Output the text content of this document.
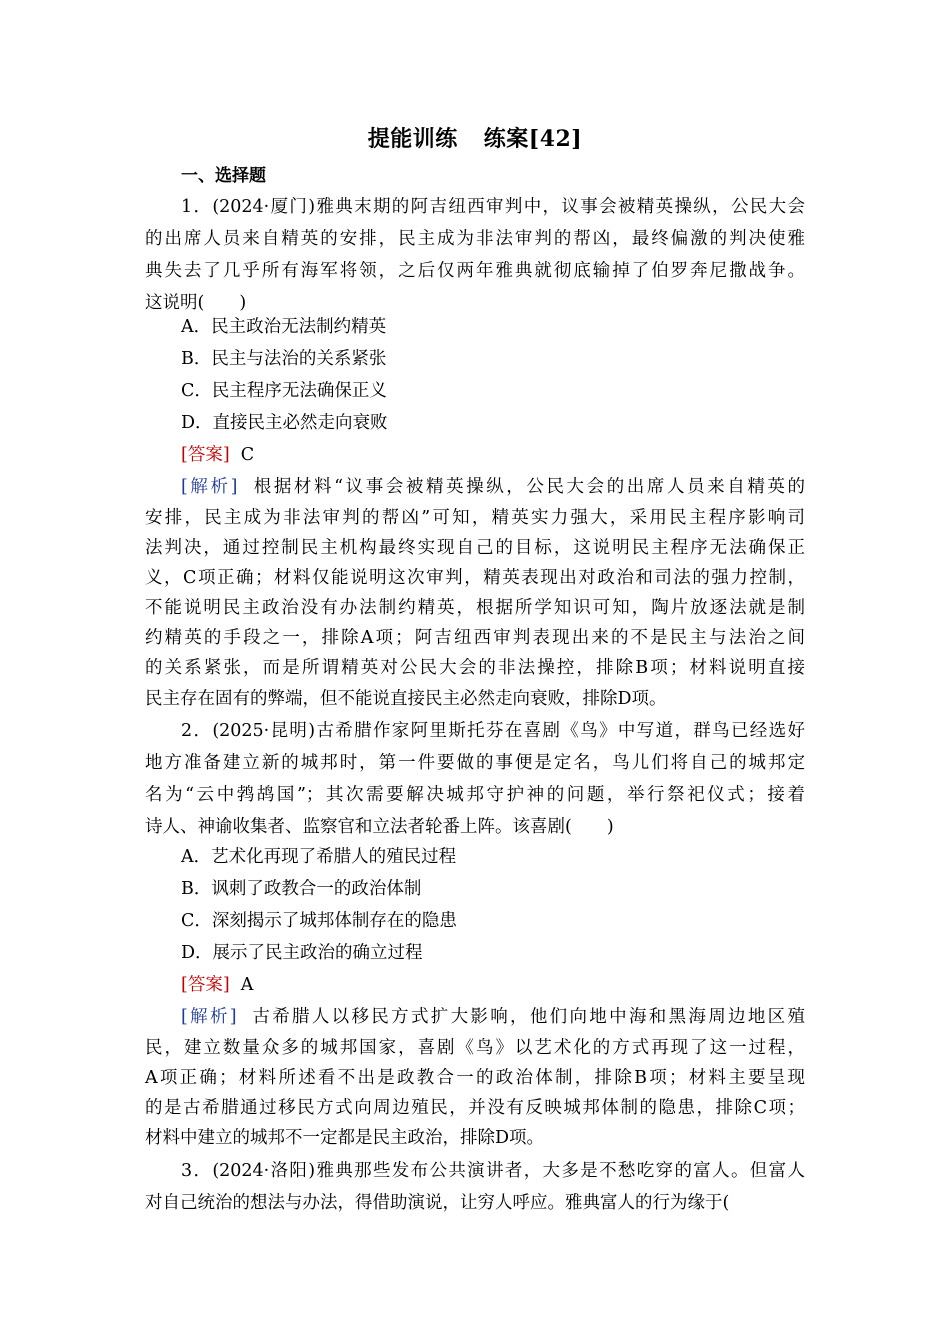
提能训练 练案[42]
一、选择题
1．(2024·厦门)雅典末期的阿吉纽西审判中，议事会被精英操纵，公民大会
的出席人员来自精英的安排，民主成为非法审判的帮凶，最终偏激的判决使雅
典失去了几乎所有海军将领，之后仅两年雅典就彻底输掉了伯罗奔尼撒战争。
这说明(　　)
A．民主政治无法制约精英
B．民主与法治的关系紧张
C．民主程序无法确保正义
D．直接民主必然走向衰败
[答案] C
[解析] 根据材料“议事会被精英操纵，公民大会的出席人员来自精英的
安排，民主成为非法审判的帮凶”可知，精英实力强大，采用民主程序影响司
法判决，通过控制民主机构最终实现自己的目标，这说明民主程序无法确保正
义，C项正确；材料仅能说明这次审判，精英表现出对政治和司法的强力控制，
不能说明民主政治没有办法制约精英，根据所学知识可知，陶片放逐法就是制
约精英的手段之一，排除A项；阿吉纽西审判表现出来的不是民主与法治之间
的关系紧张，而是所谓精英对公民大会的非法操控，排除B项；材料说明直接
民主存在固有的弊端，但不能说直接民主必然走向衰败，排除D项。
2．(2025·昆明)古希腊作家阿里斯托芬在喜剧《鸟》中写道，群鸟已经选好
地方准备建立新的城邦时，第一件要做的事便是定名，鸟儿们将自己的城邦定
名为“云中鹁鸪国”；其次需要解决城邦守护神的问题，举行祭祀仪式；接着
诗人、神谕收集者、监察官和立法者轮番上阵。该喜剧(　　)
A．艺术化再现了希腊人的殖民过程
B．讽刺了政教合一的政治体制
C．深刻揭示了城邦体制存在的隐患
D．展示了民主政治的确立过程
[答案] A
[解析] 古希腊人以移民方式扩大影响，他们向地中海和黑海周边地区殖
民，建立数量众多的城邦国家，喜剧《鸟》以艺术化的方式再现了这一过程，
A项正确；材料所述看不出是政教合一的政治体制，排除B项；材料主要呈现
的是古希腊通过移民方式向周边殖民，并没有反映城邦体制的隐患，排除C项；
材料中建立的城邦不一定都是民主政治，排除D项。
3．(2024·洛阳)雅典那些发布公共演讲者，大多是不愁吃穿的富人。但富人
对自己统治的想法与办法，得借助演说，让穷人呼应。雅典富人的行为缘于(
